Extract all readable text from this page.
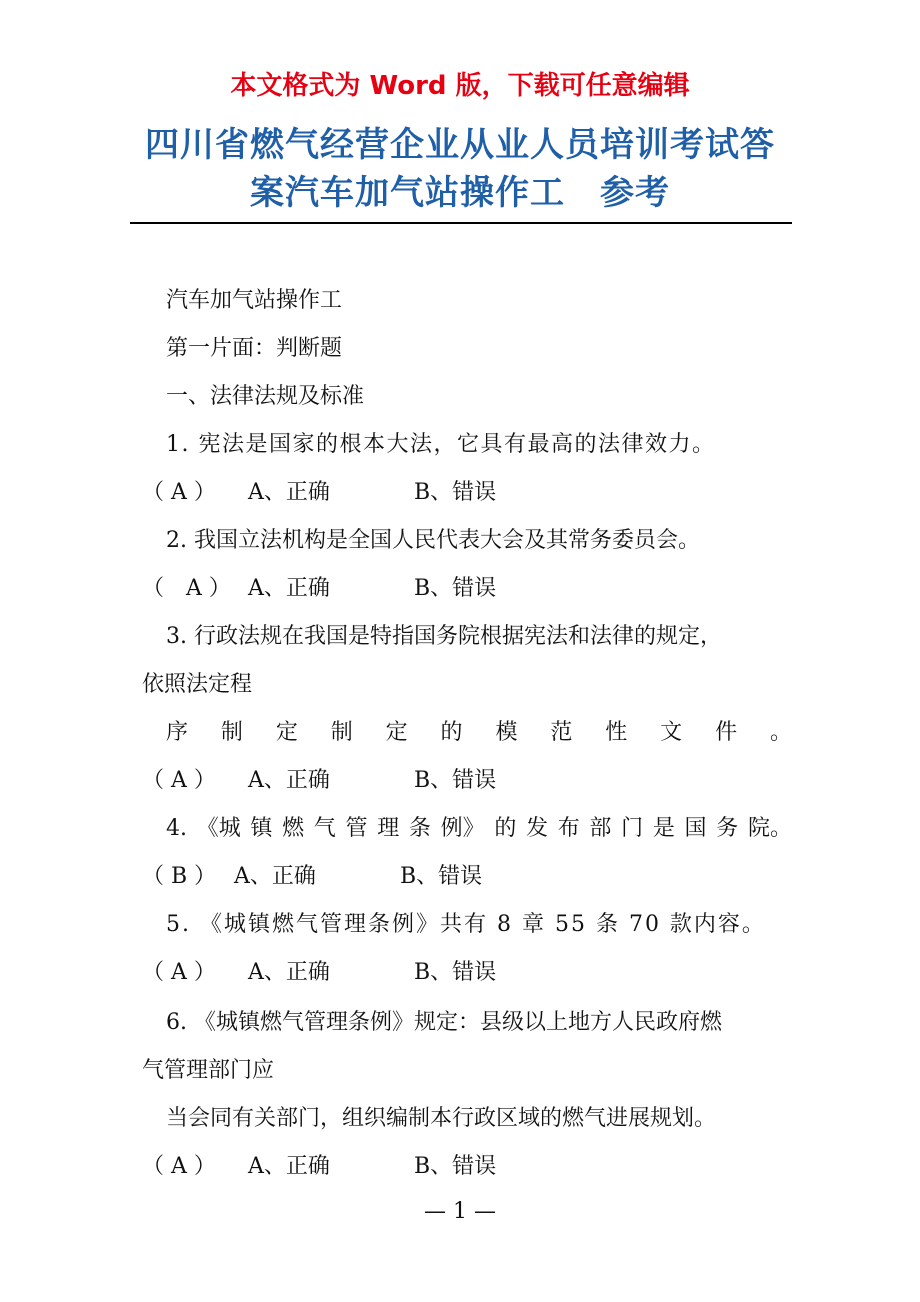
本文格式为 Word 版，下载可任意编辑
四川省燃气经营企业从业人员培训考试答
案汽车加气站操作工　参考
汽车加气站操作工
第一片面：判断题
一、法律法规及标准
1. 宪法是国家的根本大法，它具有最高的法律效力。
（ A ）	A、正确	B、错误
2. 我国立法机构是全国人民代表大会及其常务委员会。
（　A ） A、正确	B、错误
3. 行政法规在我国是特指国务院根据宪法和法律的规定，
依照法定程
序 制 定 制 定 的 模 范 性 文 件 。
（ A ）	A、正确	B、错误
4. 《城 镇 燃 气 管 理 条 例》 的 发 布 部 门 是 国 务 院。
（ B ） A、正确	B、错误
5. 《城镇燃气管理条例》共有 8 章 55 条 70 款内容。
（ A ）	A、正确	B、错误
6. 《城镇燃气管理条例》规定：县级以上地方人民政府燃
气管理部门应
当会同有关部门，组织编制本行政区域的燃气进展规划。
（ A ）	A、正确	B、错误
— 1 —
